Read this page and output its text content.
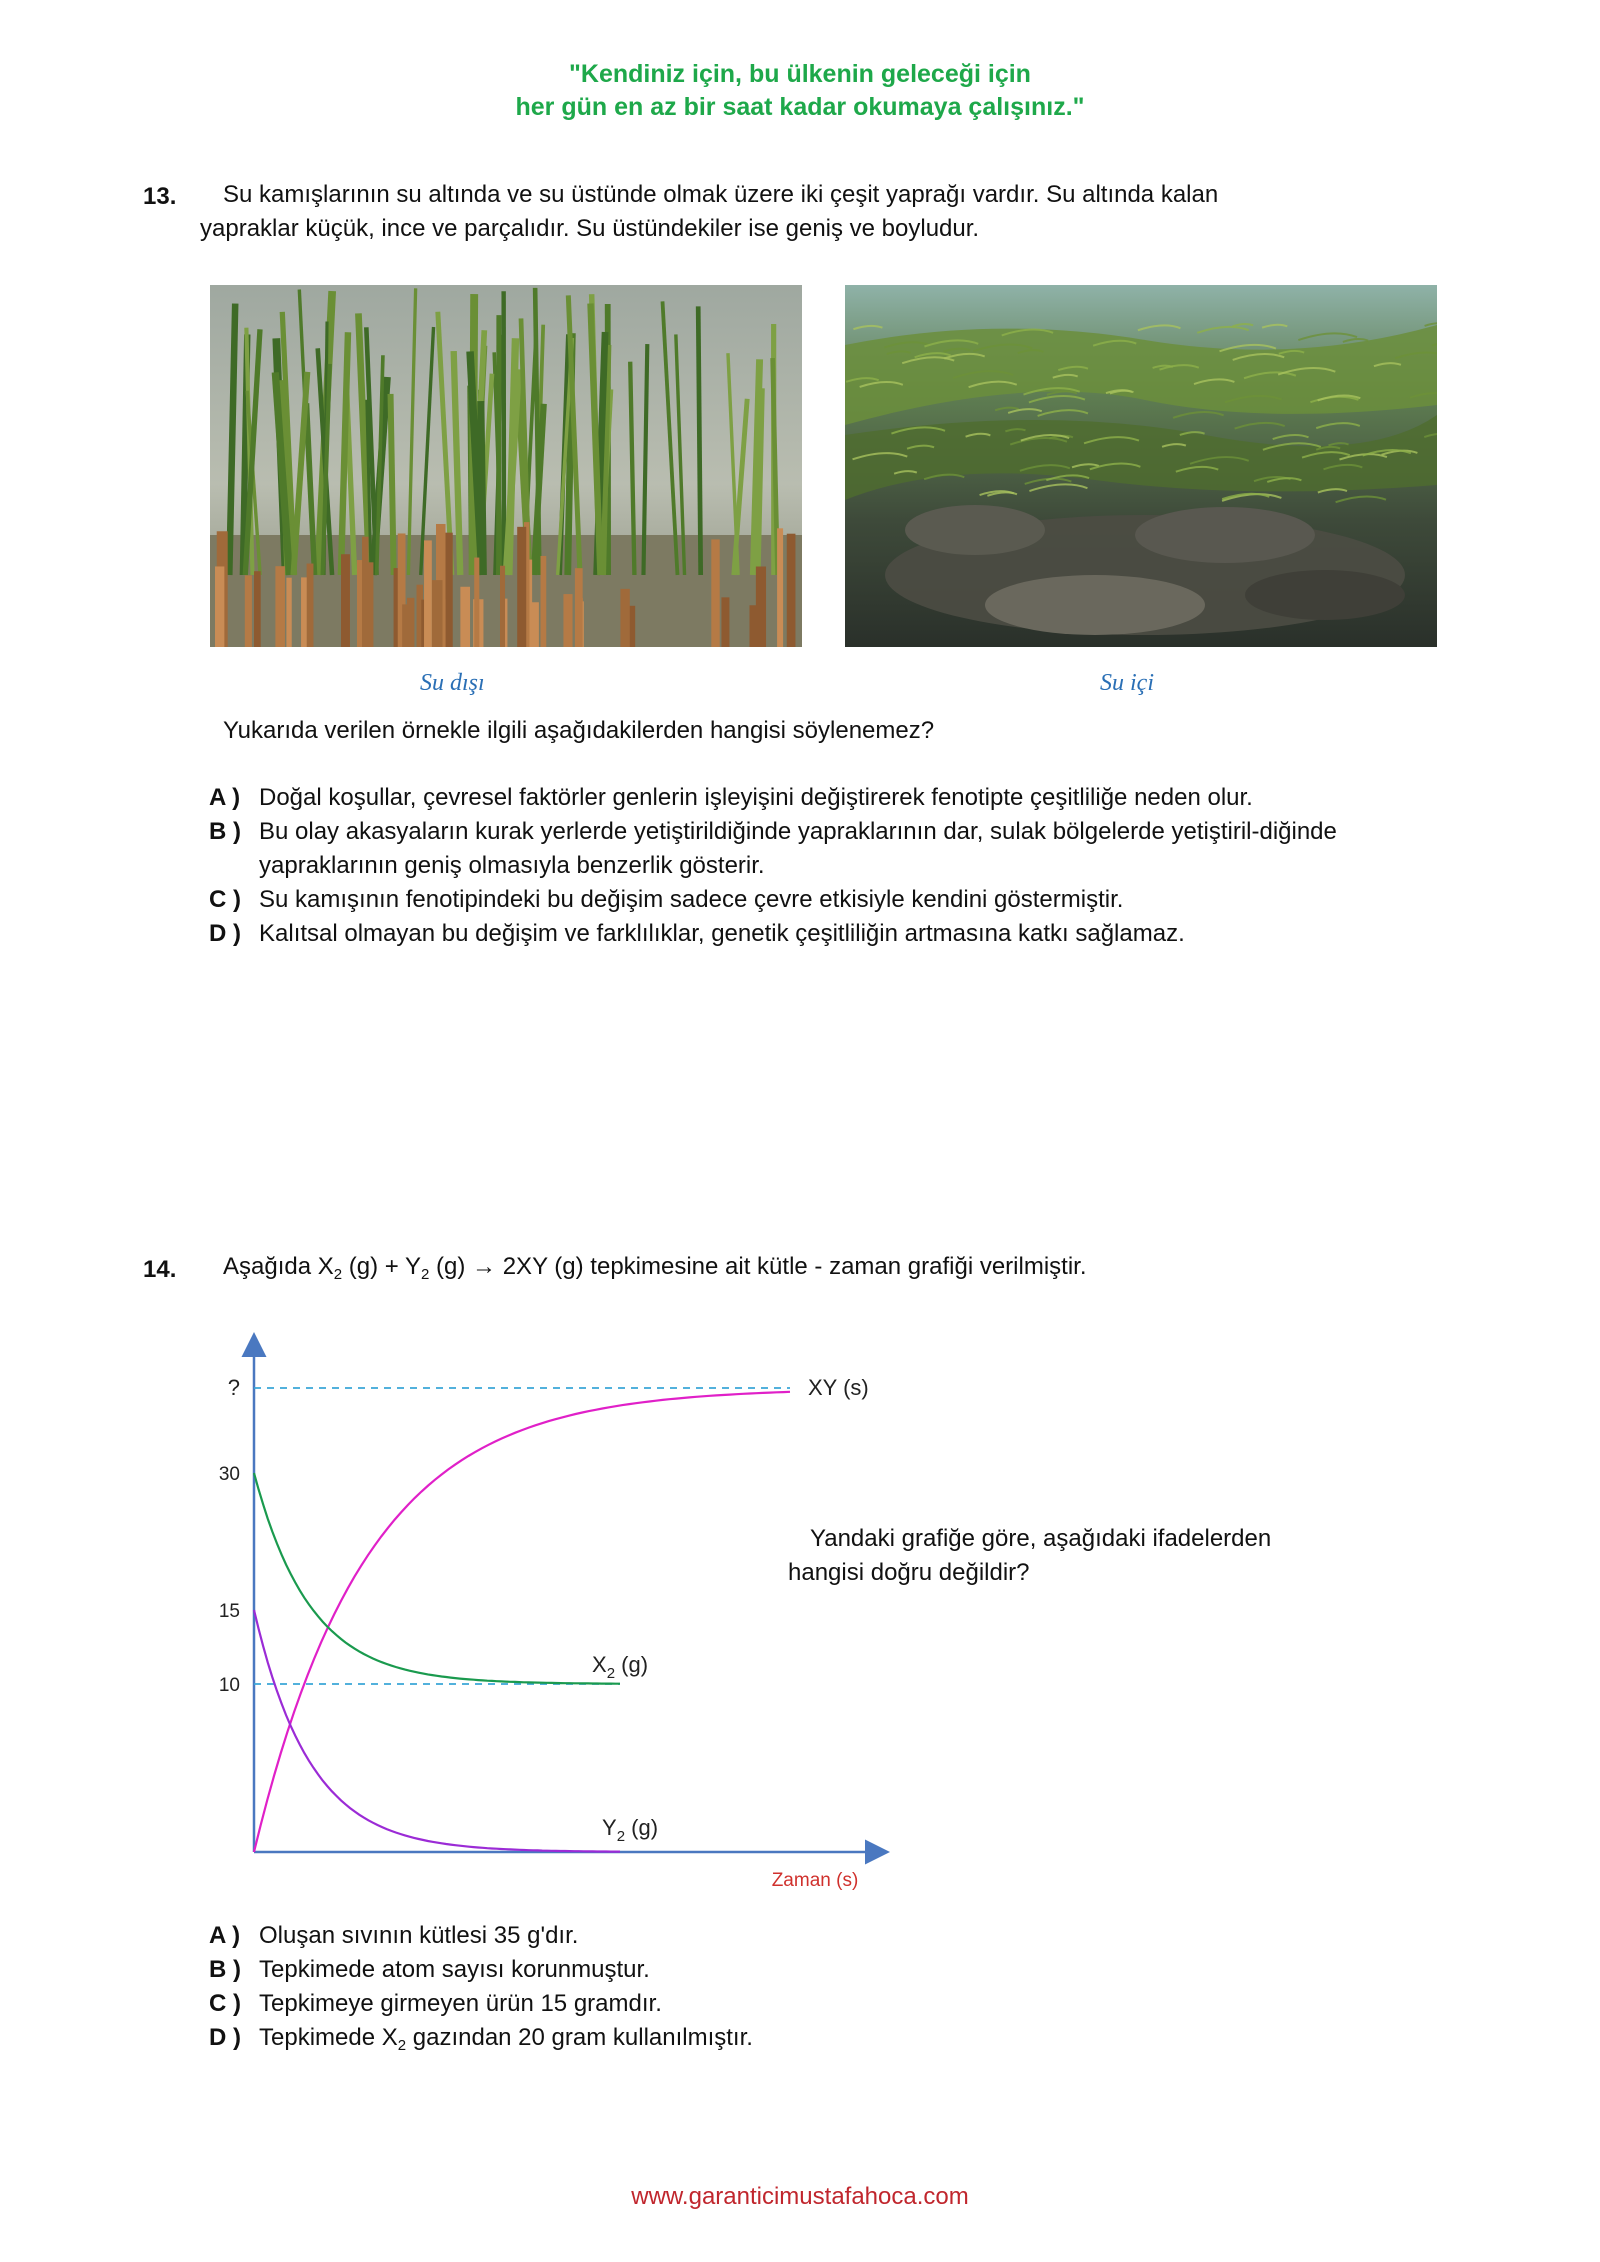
"Kendiniz için, bu ülkenin geleceği için
her gün en az bir saat kadar okumaya çalışınız."
13. Su kamışlarının su altında ve su üstünde olmak üzere iki çeşit yaprağı vardır. Su altında kalan
yapraklar küçük, ince ve parçalıdır. Su üstündekiler ise geniş ve boyludur.
Su dışı	Su içi
Yukarıda verilen örnekle ilgili aşağıdakilerden hangisi söylenemez?
A ) Doğal koşullar, çevresel faktörler genlerin işleyişini değiştirerek fenotipte çeşitliliğe neden olur.
B ) Bu olay akasyaların kurak yerlerde yetiştirildiğinde yapraklarının dar, sulak bölgelerde yetiştiril-diğinde yapraklarının geniş olmasıyla benzerlik gösterir.
C ) Su kamışının fenotipindeki bu değişim sadece çevre etkisiyle kendini göstermiştir.
D ) Kalıtsal olmayan bu değişim ve farklılıklar, genetik çeşitliliğin artmasına katkı sağlamaz.
14. Aşağıda $X_2$ $(g) + Y_2$ (g) → 2XY (g) tepkimesine ait kütle - zaman grafiği verilmiştir.
?
30
15
10
XY (s)
$X_2$ (g)
$Y_2$ (g)
Zaman (s)
Yandaki grafiğe göre, aşağıdaki ifadelerden
hangisi doğru değildir?
A ) Oluşan sıvının kütlesi 35 g'dır.
B ) Tepkimede atom sayısı korunmuştur.
C ) Tepkimeye girmeyen ürün 15 gramdır.
D ) Tepkimede $X_2$ gazından 20 gram kullanılmıştır.
www.garanticimustafahoca.com
